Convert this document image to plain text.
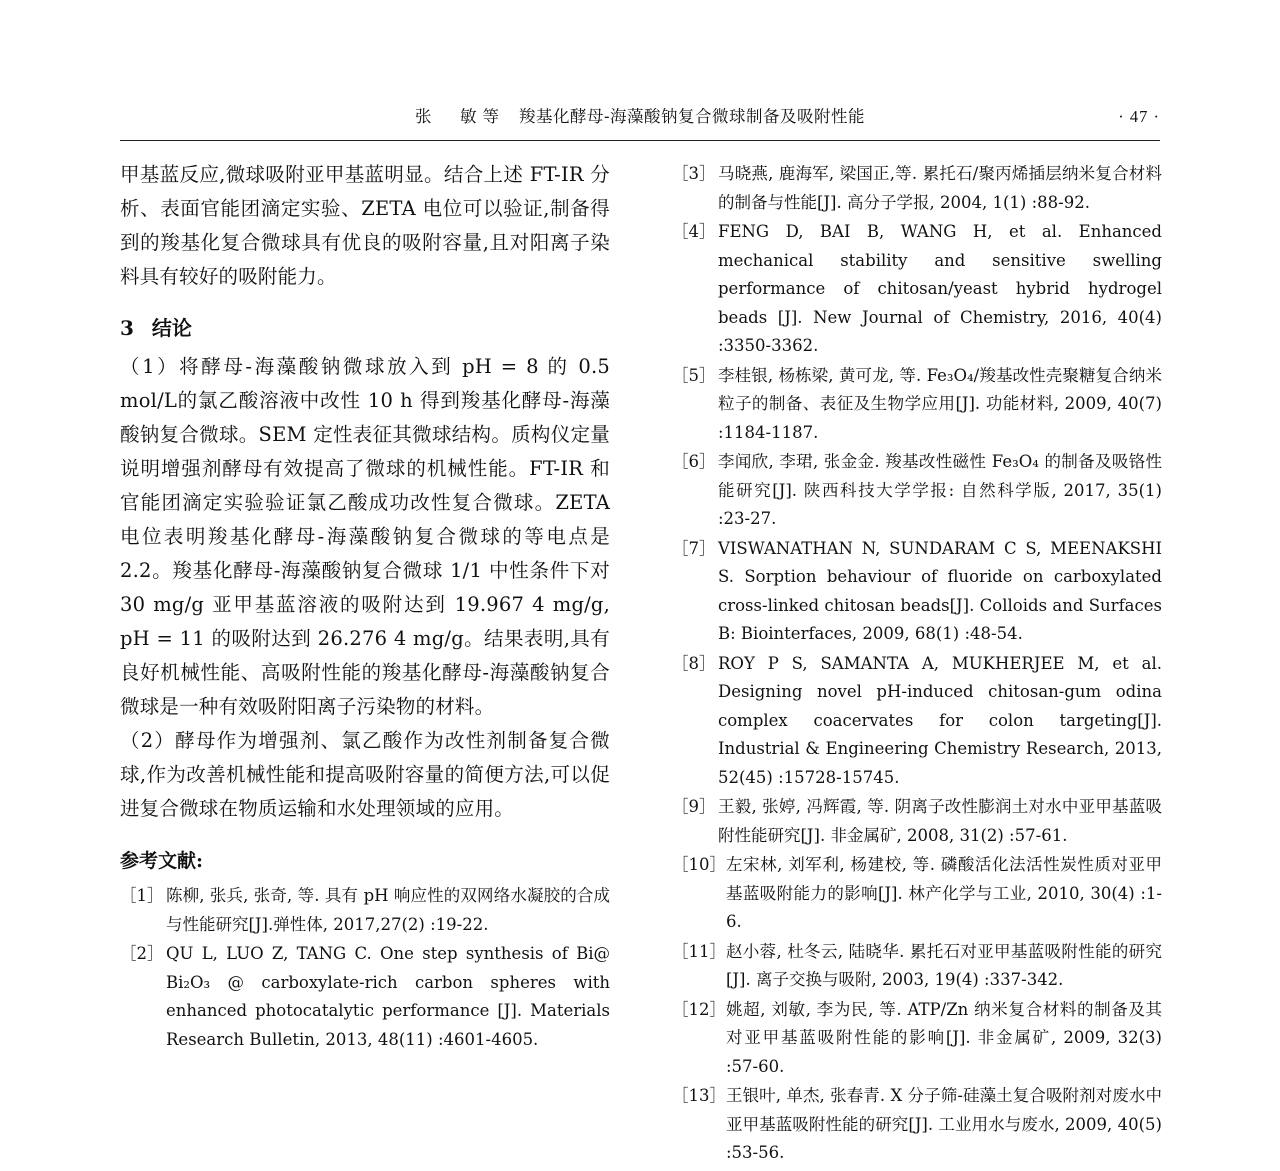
张　敏等 羧基化酵母-海藻酸钠复合微球制备及吸附性能	· 47 ·

甲基蓝反应,微球吸附亚甲基蓝明显。结合上述 FT-IR 分析、表面官能团滴定实验、ZETA 电位可以验证,制备得到的羧基化复合微球具有优良的吸附容量,且对阳离子染料具有较好的吸附能力。

3 结论

（1）将酵母-海藻酸钠微球放入到 pH = 8 的 0.5 mol/L的氯乙酸溶液中改性 10 h 得到羧基化酵母-海藻酸钠复合微球。SEM 定性表征其微球结构。质构仪定量说明增强剂酵母有效提高了微球的机械性能。FT-IR 和官能团滴定实验验证氯乙酸成功改性复合微球。ZETA 电位表明羧基化酵母-海藻酸钠复合微球的等电点是 2.2。羧基化酵母-海藻酸钠复合微球 1/1 中性条件下对 30 mg/g 亚甲基蓝溶液的吸附达到 19.967 4 mg/g, pH = 11 的吸附达到 26.276 4 mg/g。结果表明,具有良好机械性能、高吸附性能的羧基化酵母-海藻酸钠复合微球是一种有效吸附阳离子污染物的材料。

（2）酵母作为增强剂、氯乙酸作为改性剂制备复合微球,作为改善机械性能和提高吸附容量的简便方法,可以促进复合微球在物质运输和水处理领域的应用。

参考文献:
［1］ 陈柳, 张兵, 张奇, 等. 具有 pH 响应性的双网络水凝胶的合成与性能研究[J].弹性体, 2017,27(2) :19-22.
［2］ QU L, LUO Z, TANG C. One step synthesis of Bi@ Bi₂O₃ @ carboxylate-rich carbon spheres with enhanced photocatalytic performance [J]. Materials Research Bulletin, 2013, 48(11) :4601-4605.
［3］ 马晓燕, 鹿海军, 梁国正,等. 累托石/聚丙烯插层纳米复合材料的制备与性能[J]. 高分子学报, 2004, 1(1) :88-92.
［4］ FENG D, BAI B, WANG H, et al. Enhanced mechanical stability and sensitive swelling performance of chitosan/yeast hybrid hydrogel beads [J]. New Journal of Chemistry, 2016, 40(4) :3350-3362.
［5］ 李桂银, 杨栋梁, 黄可龙, 等. Fe₃O₄/羧基改性壳聚糖复合纳米粒子的制备、表征及生物学应用[J]. 功能材料, 2009, 40(7) :1184-1187.
［6］ 李闻欣, 李珺, 张金金. 羧基改性磁性 Fe₃O₄ 的制备及吸铬性能研究[J]. 陕西科技大学学报: 自然科学版, 2017, 35(1) :23-27.
［7］ VISWANATHAN N, SUNDARAM C S, MEENAKSHI S. Sorption behaviour of fluoride on carboxylated cross-linked chitosan beads[J]. Colloids and Surfaces B: Biointerfaces, 2009, 68(1) :48-54.
［8］ ROY P S, SAMANTA A, MUKHERJEE M, et al. Designing novel pH-induced chitosan-gum odina complex coacervates for colon targeting[J]. Industrial & Engineering Chemistry Research, 2013, 52(45) :15728-15745.
［9］ 王毅, 张婷, 冯辉霞, 等. 阴离子改性膨润土对水中亚甲基蓝吸附性能研究[J]. 非金属矿, 2008, 31(2) :57-61.
［10］ 左宋林, 刘军利, 杨建校, 等. 磷酸活化法活性炭性质对亚甲基蓝吸附能力的影响[J]. 林产化学与工业, 2010, 30(4) :1-6.
［11］ 赵小蓉, 杜冬云, 陆晓华. 累托石对亚甲基蓝吸附性能的研究[J]. 离子交换与吸附, 2003, 19(4) :337-342.
［12］ 姚超, 刘敏, 李为民, 等. ATP/Zn 纳米复合材料的制备及其对亚甲基蓝吸附性能的影响[J]. 非金属矿, 2009, 32(3) :57-60.
［13］ 王银叶, 单杰, 张春青. X 分子筛-硅藻土复合吸附剂对废水中亚甲基蓝吸附性能的研究[J]. 工业用水与废水, 2009, 40(5) :53-56.
